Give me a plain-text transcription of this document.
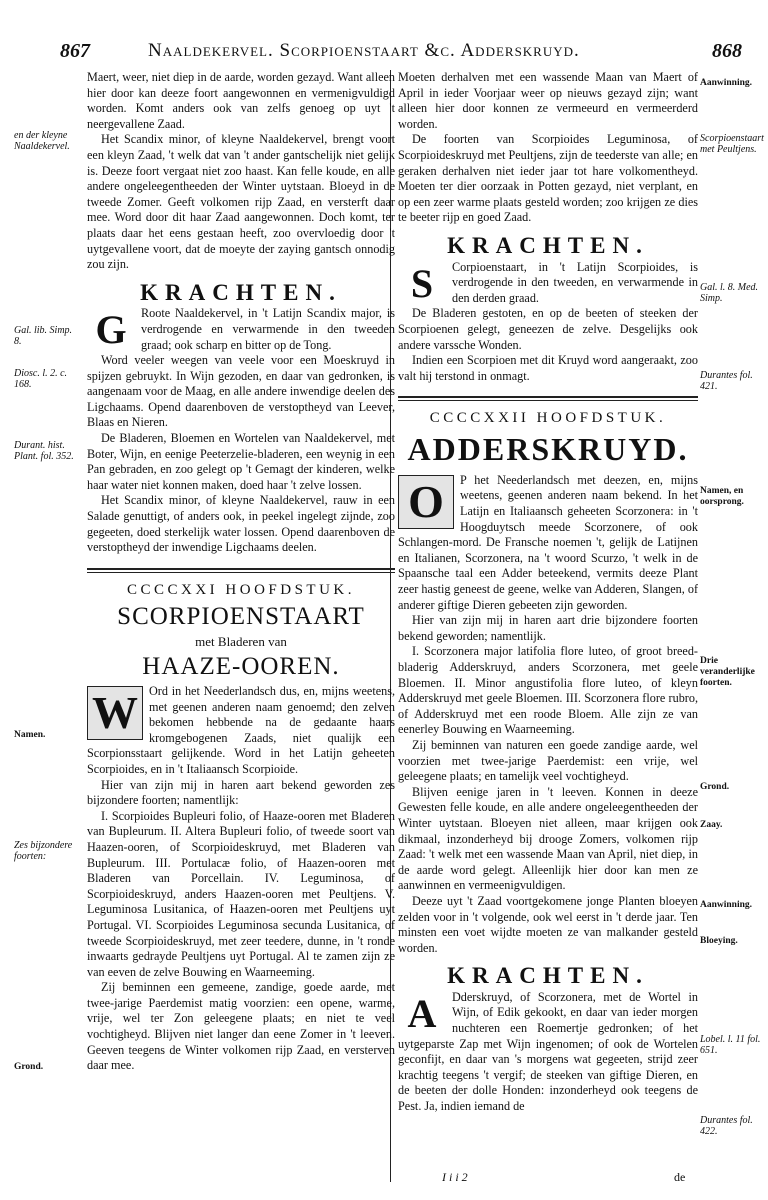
867	Naaldekervel. Scorpioenstaart &c. Adderskruyd.	868

Maert, weer, niet diep in de aarde, worden gezayd. Want alleen hier door kan deeze foort aangewonnen en vermenigvuldigd worden. Komt anders ook van zelfs genoeg op uyt 't neergevallene Zaad.

Het Scandix minor, of kleyne Naaldekervel, brengt voort een kleyn Zaad, 't welk dat van 't ander gantschelijk niet gelijk is. Deeze foort vergaat niet zoo haast. Kan felle koude, en alle andere ongeleegentheeden der Winter uytstaan. Bloeyd in de tweede Zomer. Geeft volkomen rijp Zaad, en versterft daar mee. Word door dit haar Zaad aangewonnen. Doch komt, ter plaats daar het eens gestaan heeft, zoo overvloedig door 't uytgevallene voort, dat de moeyte der zaying gantsch onnodig zou zijn.

KRACHTEN.
G	Roote Naaldekervel, in 't Latijn Scandix major, is verdrogende en verwarmende in den tweeden graad; ook scharp en bitter op de Tong.

Word veeler weegen van veele voor een Moeskruyd in spijzen gebruykt. In Wijn gezoden, en daar van gedronken, is aangenaam voor de Maag, en alle andere inwendige deelen des Ligchaams. Opend daarenboven de verstoptheyd van Leever, Blaas en Nieren.

De Bladeren, Bloemen en Wortelen van Naaldekervel, met Boter, Wijn, en eenige Peeterzelie-bladeren, een weynig in een Pan gebraden, en zoo gelegt op 't Gemagt der kinderen, welke haar water niet konnen maken, doed haar 't zelve lossen.

Het Scandix minor, of kleyne Naaldekervel, rauw in een Salade genuttigt, of anders ook, in peekel ingelegt zijnde, zoo gegeeten, doed sterkelijk water lossen. Opend daarenboven de verstoptheyd der inwendige Ligchaams deelen.

CCCCXXI HOOFDSTUK.
SCORPIOENSTAART
met Bladeren van
HAAZE-OOREN.
W Ord in het Neederlandsch dus, en, mijns weetens, met geenen anderen naam genoemd; den zelven bekomen hebbende na de gedaante haars kromgebogenen Zaads, niet qualijk een Scorpionsstaart gelijkende. Word in het Latijn geheeten Scorpioides, en in 't Italiaansch Scorpioide.

Hier van zijn mij in haren aart bekend geworden zes bijzondere foorten; namentlijk:

I. Scorpioides Bupleuri folio, of Haaze-ooren met Bladeren van Bupleurum. II. Altera Bupleuri folio, of tweede soort van Haazen-ooren, of Scorpioideskruyd, met Bladeren van Bupleurum. III. Portulacæ folio, of Haazen-ooren met Bladeren van Porcellain. IV. Leguminosa, of Scorpioideskruyd, anders Haazen-ooren met Peultjens. V. Leguminosa Lusitanica, of Haazen-ooren met Peultjens uyt Portugal. VI. Scorpioides Leguminosa secunda Lusitanica, of tweede Scorpioideskruyd, met zeer teedere, dunne, in 't ronde inwaarts gedrayde Peultjens uyt Portugal. Al te zamen zijn ze van eeven de zelve Bouwing en Waarneeming.

Zij beminnen een gemeene, zandige, goede aarde, met twee-jarige Paerdemist matig voorzien: een opene, warme, vrije, wel ter Zon geleegene plaats; en niet te veel vochtigheyd. Blijven niet langer dan eene Zomer in 't leeven. Geeven teegens de Winter volkomen rijp Zaad, en versterven daar mee.

Moeten derhalven met een wassende Maan van Maert of April in ieder Voorjaar weer op nieuws gezayd zijn; want alleen hier door konnen ze vermeeurd en vermeerderd worden.

De foorten van Scorpioides Leguminosa, of Scorpioideskruyd met Peultjens, zijn de teederste van alle; en geraken derhalven niet ieder jaar tot hare volkomentheyd. Moeten ter dier oorzaak in Potten gezayd, niet verplant, en op een zeer warme plaats gesteld worden; zoo krijgen ze dies te beeter rijp en goed Zaad.

KRACHTEN.
S	Corpioenstaart, in 't Latijn Scorpioides, is verdrogende in den tweeden, en verwarmende in den derden graad.

De Bladeren gestoten, en op de beeten of steeken der Scorpioenen gelegt, geneezen de zelve. Desgelijks ook andere varssche Wonden.

Indien een Scorpioen met dit Kruyd word aangeraakt, zoo valt hij terstond in onmagt.

CCCCXXII HOOFDSTUK.
ADDERSKRUYD.
O	P het Neederlandsch met deezen, en, mijns weetens, geenen anderen naam bekend. In het Latijn en Italiaansch geheeten Scorzonera: in 't Hoogduytsch meede Scorzonere, of ook Schlangen-mord. De Fransche noemen 't, gelijk de Latijnen en Italianen, Scorzonera, na 't woord Scurzo, 't welk in de Spaansche taal een Adder beteekend, vermits deeze Plant zeer hastig geneest de geene, welke van Adderen, Slangen, of anderer giftige Dieren gebeeten zijn geworden.

Hier van zijn mij in haren aart drie bijzondere foorten bekend geworden; namentlijk.

I. Scorzonera major latifolia flore luteo, of groot breed-bladerig Adderskruyd, anders Scorzonera, met geele Bloemen. II. Minor angustifolia flore luteo, of kleyn Adderskruyd met geele Bloemen. III. Scorzonera flore rubro, of Adderskruyd met een roode Bloem. Alle zijn ze van eenerley Bouwing en Waarneeming.

Zij beminnen van naturen een goede zandige aarde, wel voorzien met twee-jarige Paerdemist: een vrije, wel geleegene plaats; en tamelijk veel vochtigheyd.

Blijven eenige jaren in 't leeven. Konnen in deeze Gewesten felle koude, en alle andere ongeleegentheeden der Winter uytstaan. Bloeyen niet alleen, maar krijgen ook dikmaal, inzonderheyd bij drooge Zomers, volkomen rijp Zaad: 't welk met een wassende Maan van April, niet diep, in de aarde word gelegt. Alleenlijk hier door kan men ze aanwinnen en vermeenigvuldigen.

Deeze uyt 't Zaad voortgekomene jonge Planten bloeyen zelden voor in 't volgende, ook wel eerst in 't derde jaar. Ten minsten een voet wijdte moeten ze van malkander gesteld worden.

KRACHTEN.
A	Dderskruyd, of Scorzonera, met de Wortel in Wijn, of Edik gekookt, en daar van ieder morgen nuchteren een Roemertje gedronken; of het uytgeparste Zap met Wijn ingenomen; of ook de Wortelen geconfijt, en daar van 's morgens wat gegeeten, strijd zeer krachtig teegens 't vergif; de steeken van giftige Dieren, en de beeten der dolle Honden: inzonderheyd ook teegens de Pest. Ja, indien iemand de

en der kleyne Naaldekervel.
Gal. lib. Simp. 8.
Diosc. l. 2. c. 168.
Durant. hist. Plant. fol. 352.
Namen.
Zes bijzondere foorten:
Grond.
Aanwinning.
Scorpioenstaart met Peultjens.
Gal. l. 8. Med. Simp.
Durantes fol. 421.
Namen, en oorsprong.
Drie veranderlijke foorten.
Grond.
Zaay.
Aanwinning.
Bloeying.
Lobel. l. 11 fol. 651.
Durantes fol. 422.
I i i 2	de
